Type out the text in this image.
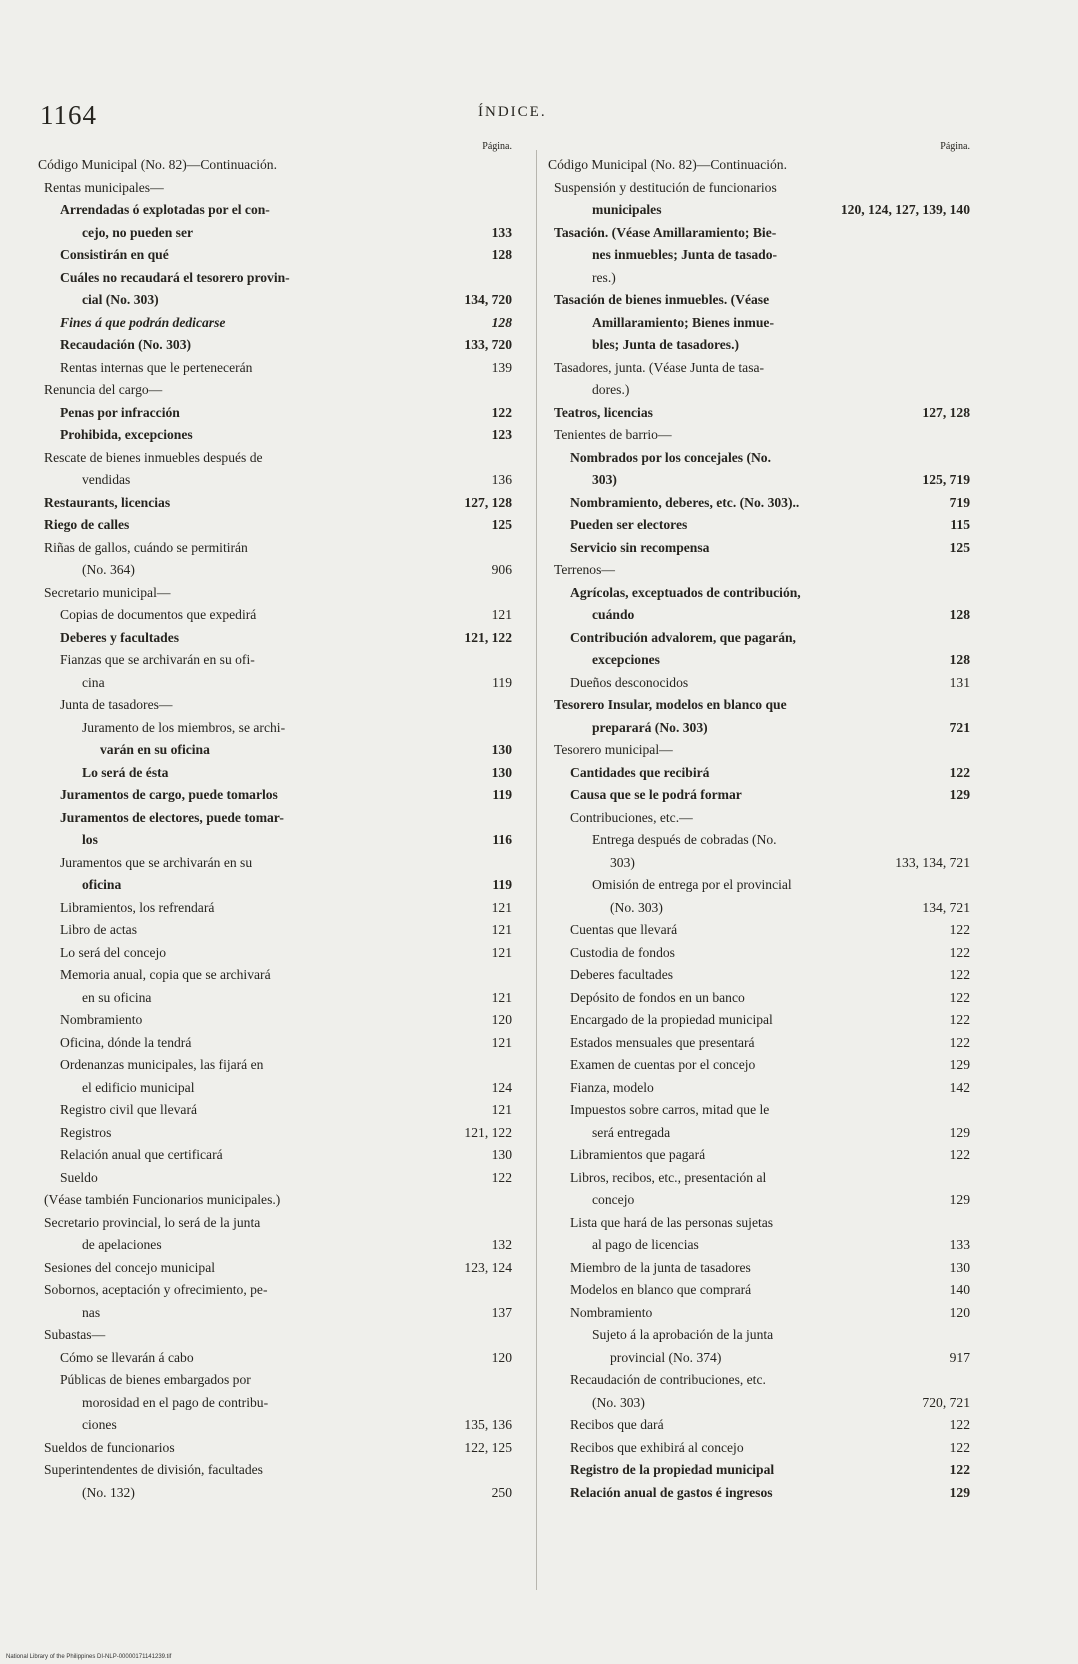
1164	ÍNDICE.
Página.
Código Municipal (No. 82)—Continuación.
Rentas municipales—
Arrendadas ó explotadas por el con-
cejo, no pueden ser	133
Consistirán en qué	128
Cuáles no recaudará el tesorero provin-
cial (No. 303)	134, 720
Fines á que podrán dedicarse	128
Recaudación (No. 303)	133, 720
Rentas internas que le pertenecerán	139
Renuncia del cargo—
Penas por infracción	122
Prohibida, excepciones	123
Rescate de bienes inmuebles después de
vendidas	136
Restaurants, licencias	127, 128
Riego de calles	125
Riñas de gallos, cuándo se permitirán
(No. 364)	906
Secretario municipal—
Copias de documentos que expedirá	121
Deberes y facultades	121, 122
Fianzas que se archivarán en su ofi-
cina	119
Junta de tasadores—
Juramento de los miembros, se archi-
varán en su oficina	130
Lo será de ésta	130
Juramentos de cargo, puede tomarlos	119
Juramentos de electores, puede tomar-
los	116
Juramentos que se archivarán en su
oficina	119
Libramientos, los refrendará	121
Libro de actas	121
Lo será del concejo	121
Memoria anual, copia que se archivará
en su oficina	121
Nombramiento	120
Oficina, dónde la tendrá	121
Ordenanzas municipales, las fijará en
el edificio municipal	124
Registro civil que llevará	121
Registros	121, 122
Relación anual que certificará	130
Sueldo	122
(Véase también Funcionarios municipales.)
Secretario provincial, lo será de la junta
de apelaciones	132
Sesiones del concejo municipal	123, 124
Sobornos, aceptación y ofrecimiento, pe-
nas	137
Subastas—
Cómo se llevarán á cabo	120
Públicas de bienes embargados por
morosidad en el pago de contribu-
ciones	135, 136
Sueldos de funcionarios	122, 125
Superintendentes de división, facultades
(No. 132)	250
Página.
Código Municipal (No. 82)—Continuación.
Suspensión y destitución de funcionarios
municipales	120, 124, 127, 139, 140
Tasación. (Véase Amillaramiento; Bie-
nes inmuebles; Junta de tasado-
res.)
Tasación de bienes inmuebles. (Véase
Amillaramiento; Bienes inmue-
bles; Junta de tasadores.)
Tasadores, junta. (Véase Junta de tasa-
dores.)
Teatros, licencias	127, 128
Tenientes de barrio—
Nombrados por los concejales (No.
303)	125, 719
Nombramiento, deberes, etc. (No. 303)..	719
Pueden ser electores	115
Servicio sin recompensa	125
Terrenos—
Agrícolas, exceptuados de contribución,
cuándo	128
Contribución advalorem, que pagarán,
excepciones	128
Dueños desconocidos	131
Tesorero Insular, modelos en blanco que
preparará (No. 303)	721
Tesorero municipal—
Cantidades que recibirá	122
Causa que se le podrá formar	129
Contribuciones, etc.—
Entrega después de cobradas (No.
303)	133, 134, 721
Omisión de entrega por el provincial
(No. 303)	134, 721
Cuentas que llevará	122
Custodia de fondos	122
Deberes facultades	122
Depósito de fondos en un banco	122
Encargado de la propiedad municipal	122
Estados mensuales que presentará	122
Examen de cuentas por el concejo	129
Fianza, modelo	142
Impuestos sobre carros, mitad que le
será entregada	129
Libramientos que pagará	122
Libros, recibos, etc., presentación al
concejo	129
Lista que hará de las personas sujetas
al pago de licencias	133
Miembro de la junta de tasadores	130
Modelos en blanco que comprará	140
Nombramiento	120
Sujeto á la aprobación de la junta
provincial (No. 374)	917
Recaudación de contribuciones, etc.
(No. 303)	720, 721
Recibos que dará	122
Recibos que exhibirá al concejo	122
Registro de la propiedad municipal	122
Relación anual de gastos é ingresos	129
National Library of the Philippines DI-NLP-00000171141239.tif
